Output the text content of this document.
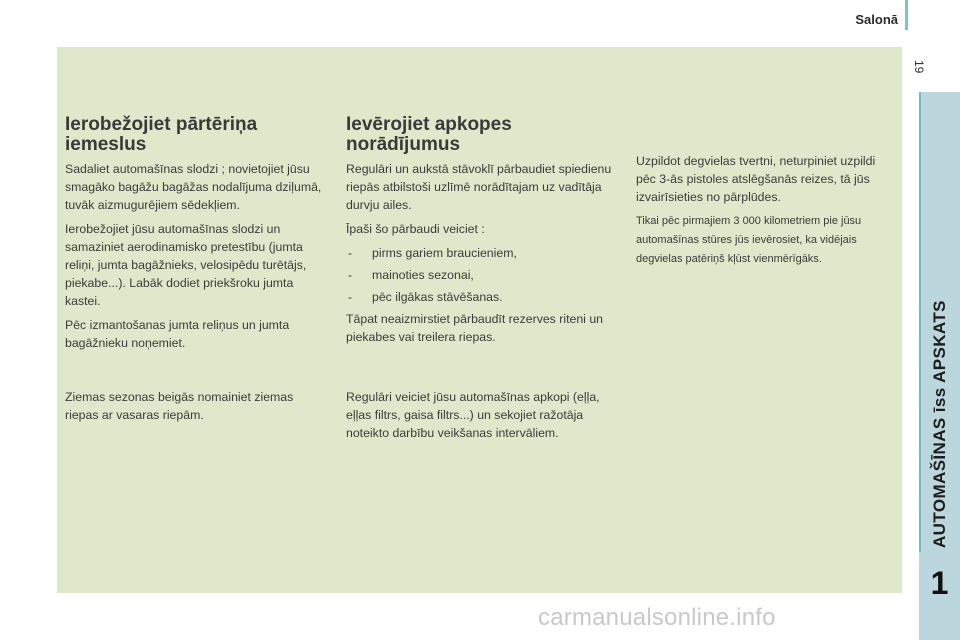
Salonā
19
AUTOMAŠĪNAS īss APSKATS
1
Ierobežojiet pārtēriņa iemeslus

Sadaliet automašīnas slodzi ; novietojiet jūsu smagāko bagāžu bagāžas nodalījuma dziļumā, tuvāk aizmugurējiem sēdekļiem.

Ierobežojiet jūsu automašīnas slodzi un samaziniet aerodinamisko pretestību (jumta reliņi, jumta bagāžnieks, velosipēdu turētājs, piekabe...). Labāk dodiet priekšroku jumta kastei.

Pēc izmantošanas jumta reliņus un jumta bagāžnieku noņemiet.

Ziemas sezonas beigās nomainiet ziemas riepas ar vasaras riepām.

Ievērojiet apkopes norādījumus

Regulāri un aukstā stāvoklī pārbaudiet spiedienu riepās atbilstoši uzlīmē norādītajam uz vadītāja durvju ailes.

Īpaši šo pārbaudi veiciet :

- pirms gariem braucieniem,
- mainoties sezonai,
- pēc ilgākas stāvēšanas.

Tāpat neaizmirstiet pārbaudīt rezerves riteni un piekabes vai treilera riepas.

Regulāri veiciet jūsu automašīnas apkopi (eļļa, eļļas filtrs, gaisa filtrs...) un sekojiet ražotāja noteikto darbību veikšanas intervāliem.

Uzpildot degvielas tvertni, neturpiniet uzpildi pēc 3-ās pistoles atslēgšanās reizes, tā jūs izvairīsieties no pārplūdes.

Tikai pēc pirmajiem 3 000 kilometriem pie jūsu automašīnas stūres jūs ievērosiet, ka vidējais degvielas patēriņš kļūst vienmērīgāks.

carmanualsonline.info
